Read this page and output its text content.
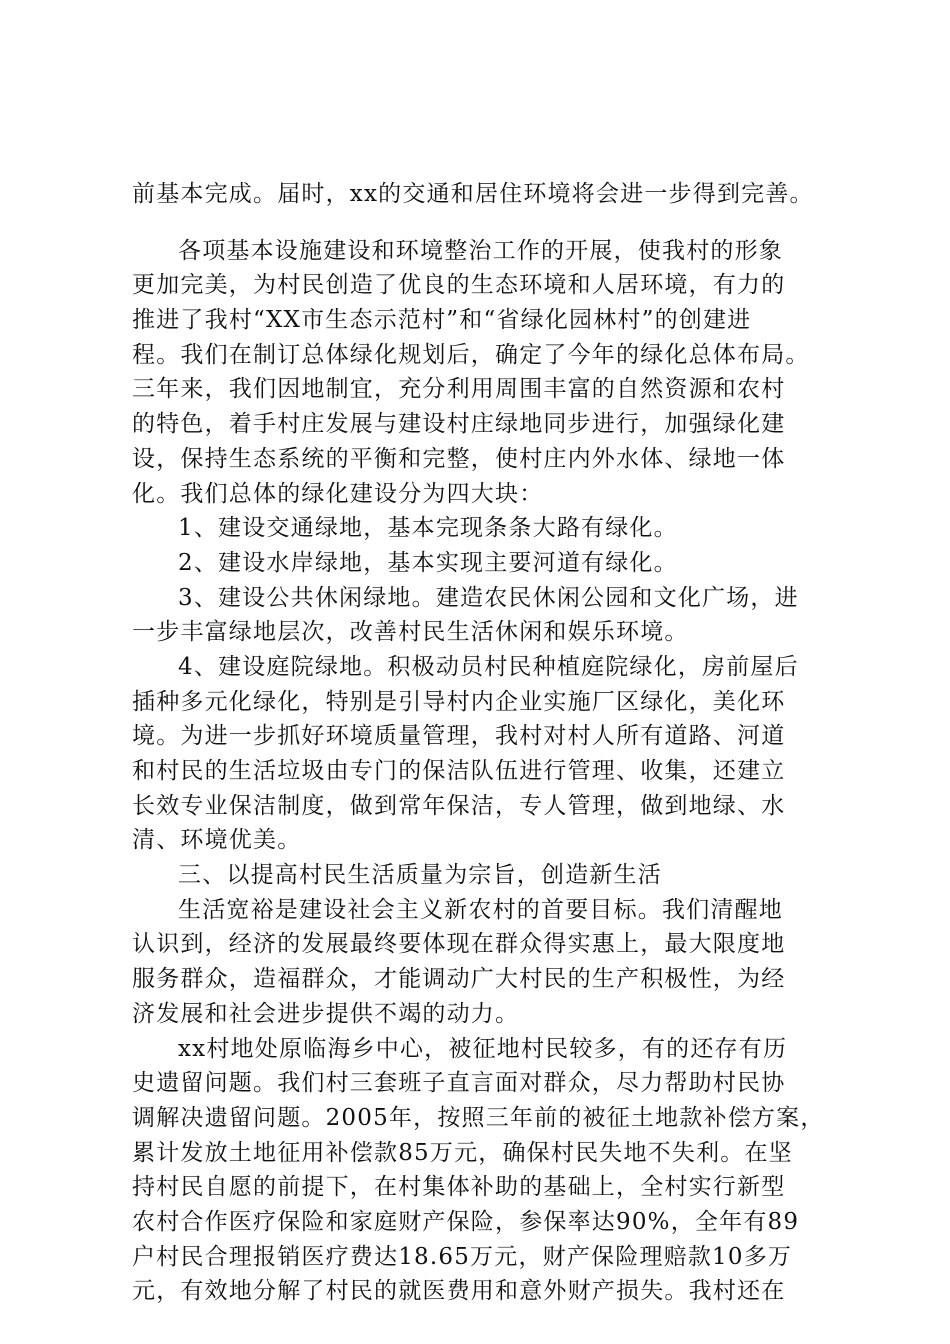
前基本完成。届时，xx的交通和居住环境将会进一步得到完善。
各项基本设施建设和环境整治工作的开展，使我村的形象
更加完美，为村民创造了优良的生态环境和人居环境，有力的
推进了我村“XX市生态示范村”和“省绿化园林村”的创建进
程。我们在制订总体绿化规划后，确定了今年的绿化总体布局。
三年来，我们因地制宜，充分利用周围丰富的自然资源和农村
的特色，着手村庄发展与建设村庄绿地同步进行，加强绿化建
设，保持生态系统的平衡和完整，使村庄内外水体、绿地一体
化。我们总体的绿化建设分为四大块：
1、建设交通绿地，基本完现条条大路有绿化。
2、建设水岸绿地，基本实现主要河道有绿化。
3、建设公共休闲绿地。建造农民休闲公园和文化广场，进
一步丰富绿地层次，改善村民生活休闲和娱乐环境。
4、建设庭院绿地。积极动员村民种植庭院绿化，房前屋后
插种多元化绿化，特别是引导村内企业实施厂区绿化，美化环
境。为进一步抓好环境质量管理，我村对村人所有道路、河道
和村民的生活垃圾由专门的保洁队伍进行管理、收集，还建立
长效专业保洁制度，做到常年保洁，专人管理，做到地绿、水
清、环境优美。
三、以提高村民生活质量为宗旨，创造新生活
生活宽裕是建设社会主义新农村的首要目标。我们清醒地
认识到，经济的发展最终要体现在群众得实惠上，最大限度地
服务群众，造福群众，才能调动广大村民的生产积极性，为经
济发展和社会进步提供不竭的动力。
xx村地处原临海乡中心，被征地村民较多，有的还存有历
史遗留问题。我们村三套班子直言面对群众，尽力帮助村民协
调解决遗留问题。2005年，按照三年前的被征土地款补偿方案，
累计发放土地征用补偿款85万元，确保村民失地不失利。在坚
持村民自愿的前提下，在村集体补助的基础上，全村实行新型
农村合作医疗保险和家庭财产保险，参保率达90%，全年有89
户村民合理报销医疗费达18.65万元，财产保险理赔款10多万
元，有效地分解了村民的就医费用和意外财产损失。我村还在
